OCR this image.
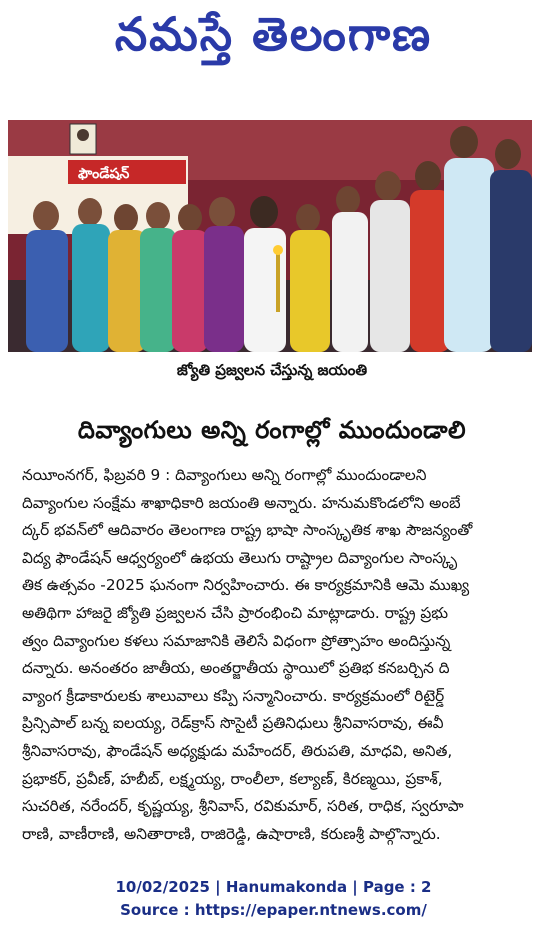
నమస్తే తెలంగాణ
ఫౌండేషన్
జ్యోతి ప్రజ్వలన చేస్తున్న జయంతి
దివ్యాంగులు అన్ని రంగాల్లో ముందుండాలి
నయీంనగర్, ఫిబ్రవరి 9 : దివ్యాంగులు అన్ని రంగాల్లో ముందుండాలని
దివ్యాంగుల సంక్షేమ శాఖాధికారి జయంతి అన్నారు. హనుమకొండలోని అంబే
ద్కర్ భవన్‌లో ఆదివారం తెలంగాణ రాష్ట్ర భాషా సాంస్కృతిక శాఖ సౌజన్యంతో
విద్య ఫౌండేషన్ ఆధ్వర్యంలో ఉభయ తెలుగు రాష్ట్రాల దివ్యాంగుల సాంస్కృ
తిక ఉత్సవం -2025 ఘనంగా నిర్వహించారు. ఈ కార్యక్రమానికి ఆమె ముఖ్య
అతిథిగా హాజరై జ్యోతి ప్రజ్వలన చేసి ప్రారంభించి మాట్లాడారు. రాష్ట్ర ప్రభు
త్వం దివ్యాంగుల కళలు సమాజానికి తెలిసే విధంగా ప్రోత్సాహం అందిస్తున్న
దన్నారు. అనంతరం జాతీయ, అంతర్జాతీయ స్థాయిలో ప్రతిభ కనబర్చిన ది
వ్యాంగ క్రీడాకారులకు శాలువాలు కప్పి సన్మానించారు. కార్యక్రమంలో రిటైర్డ్
ప్రిన్సిపాల్ బన్న ఐలయ్య, రెడ్‌క్రాస్ సొసైటీ ప్రతినిధులు శ్రీనివాసరావు, ఈవీ
శ్రీనివాసరావు, ఫౌండేషన్ అధ్యక్షుడు మహేందర్, తిరుపతి, మాధవి, అనిత,
ప్రభాకర్, ప్రవీణ్, హబీబ్, లక్ష్మయ్య, రాంలీలా, కల్యాణ్, కిరణ్మయి, ప్రకాశ్,
సుచరిత, నరేందర్, కృష్ణయ్య, శ్రీనివాస్, రవికుమార్, సరిత, రాధిక, స్వరూపా
రాణి, వాణీరాణి, అనితారాణి, రాజిరెడ్డి, ఉషారాణి, కరుణశ్రీ పాల్గొన్నారు.
10/02/2025 | Hanumakonda | Page : 2
Source : https://epaper.ntnews.com/
